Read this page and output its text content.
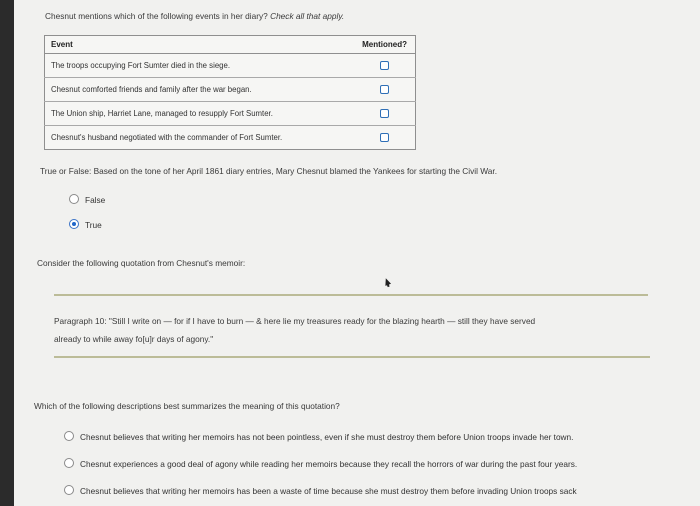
Chesnut mentions which of the following events in her diary? Check all that apply.
Event	Mentioned?
The troops occupying Fort Sumter died in the siege.	
Chesnut comforted friends and family after the war began.	
The Union ship, Harriet Lane, managed to resupply Fort Sumter.	
Chesnut's husband negotiated with the commander of Fort Sumter.	
True or False: Based on the tone of her April 1861 diary entries, Mary Chesnut blamed the Yankees for starting the Civil War.
False
True
Consider the following quotation from Chesnut's memoir:
Paragraph 10: "Still I write on — for if I have to burn — & here lie my treasures ready for the blazing hearth — still they have served
already to while away fo[u]r days of agony."
Which of the following descriptions best summarizes the meaning of this quotation?
Chesnut believes that writing her memoirs has not been pointless, even if she must destroy them before Union troops invade her town.
Chesnut experiences a good deal of agony while reading her memoirs because they recall the horrors of war during the past four years.
Chesnut believes that writing her memoirs has been a waste of time because she must destroy them before invading Union troops sack
